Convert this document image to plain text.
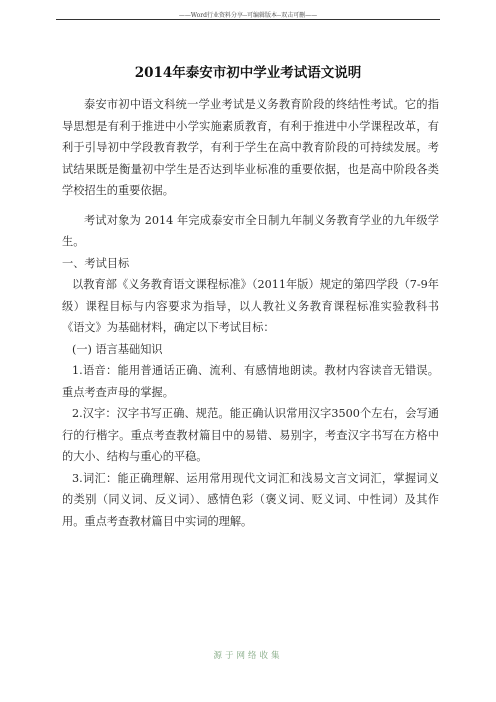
——Word行业资料分享--可编辑版本--双击可删——
2014年泰安市初中学业考试语文说明

泰安市初中语文科统一学业考试是义务教育阶段的终结性考试。它的指导思想是有利于推进中小学实施素质教育，有利于推进中小学课程改革，有利于引导初中学段教育教学，有利于学生在高中教育阶段的可持续发展。考试结果既是衡量初中学生是否达到毕业标准的重要依据，也是高中阶段各类学校招生的重要依据。

考试对象为 2014 年完成泰安市全日制九年制义务教育学业的九年级学生。

一、考试目标

以教育部《义务教育语文课程标准》（2011年版）规定的第四学段（7-9年级）课程目标与内容要求为指导，以人教社义务教育课程标准实验教科书《语文》为基础材料，确定以下考试目标：

(一) 语言基础知识

1.语音：能用普通话正确、流利、有感情地朗读。教材内容读音无错误。重点考查声母的掌握。

2.汉字：汉字书写正确、规范。能正确认识常用汉字3500个左右，会写通行的行楷字。重点考查教材篇目中的易错、易别字，考查汉字书写在方格中的大小、结构与重心的平稳。

3.词汇：能正确理解、运用常用现代文词汇和浅易文言文词汇，掌握词义的类别（同义词、反义词）、感情色彩（褒义词、贬义词、中性词）及其作用。重点考查教材篇目中实词的理解。

源于网络收集
